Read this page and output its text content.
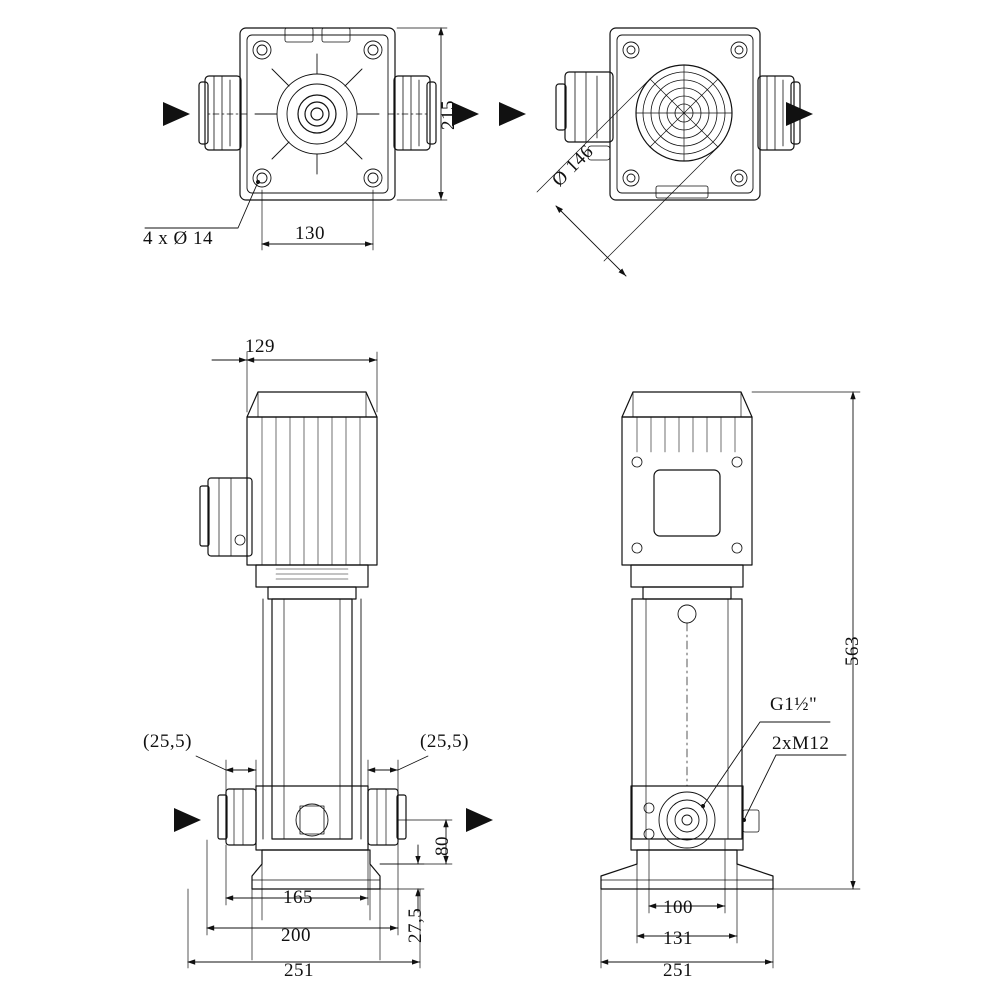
215
130
4 x Ø 14
Ø 146
129
(25,5)	(25,5)
165
200
251
80
27,5
563
G1½"
2xM12
100
131
251
